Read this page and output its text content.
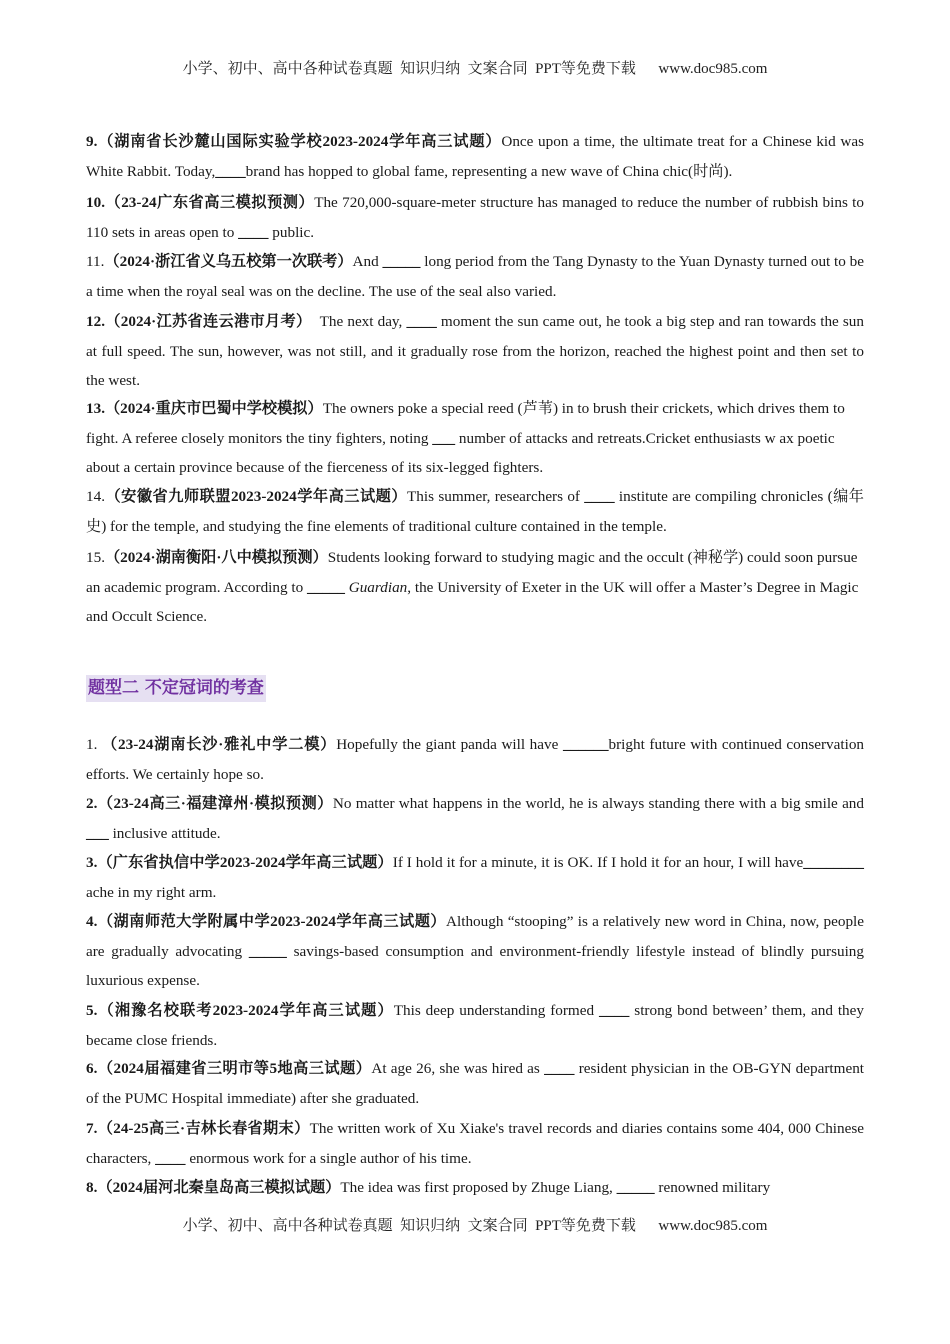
小学、初中、高中各种试卷真题  知识归纳  文案合同  PPT等免费下载      www.doc985.com
9.（湖南省长沙麓山国际实验学校2023-2024学年高三试题）Once upon a time, the ultimate treat for a Chinese kid was White Rabbit. Today,____brand has hopped to global fame, representing a new wave of China chic(时尚).
10.（23-24广东省高三模拟预测）The 720,000-square-meter structure has managed to reduce the number of rubbish bins to 110 sets in areas open to ____ public.
11.（2024·浙江省义乌五校第一次联考）And _____ long period from the Tang Dynasty to the Yuan Dynasty turned out to be a time when the royal seal was on the decline. The use of the seal also varied.
12.（2024·江苏省连云港市月考）  The next day, ____ moment the sun came out, he took a big step and ran towards the sun at full speed. The sun, however, was not still, and it gradually rose from the horizon, reached the highest point and then set to the west.
13.（2024·重庆市巴蜀中学校模拟）The owners poke a special reed (芦苇) in to brush their crickets, which drives them to fight. A referee closely monitors the tiny fighters, noting ___ number of attacks and retreats.Cricket enthusiasts w ax poetic about a certain province because of the fierceness of its six-legged fighters.
14.（安徽省九师联盟2023-2024学年高三试题）This summer, researchers of ____ institute are compiling chronicles (编年史) for the temple, and studying the fine elements of traditional culture contained in the temple.
15.（2024·湖南衡阳·八中模拟预测）Students looking forward to studying magic and the occult (神秘学) could soon pursue an academic program. According to _____ Guardian, the University of Exeter in the UK will offer a Master’s Degree in Magic and Occult Science.
题型二 不定冠词的考查
1. （23-24湖南长沙·雅礼中学二模）Hopefully the giant panda will have ______bright future with continued conservation efforts. We certainly hope so.
2.（23-24高三·福建漳州·模拟预测）No matter what happens in the world, he is always standing there with a big smile and ___ inclusive attitude.
3.（广东省执信中学2023-2024学年高三试题）If I hold it for a minute, it is OK. If I hold it for an hour, I will have________ ache in my right arm.
4.（湖南师范大学附属中学2023-2024学年高三试题）Although “stooping” is a relatively new word in China, now, people are gradually advocating _____ savings-based consumption and environment-friendly lifestyle instead of blindly pursuing luxurious expense.
5.（湘豫名校联考2023-2024学年高三试题）This deep understanding formed ____ strong bond between’ them, and they became close friends.
6.（2024届福建省三明市等5地高三试题）At age 26, she was hired as ____ resident physician in the OB-GYN department of the PUMC Hospital immediate) after she graduated.
7.（24-25高三·吉林长春省期末）The written work of Xu Xiake's travel records and diaries contains some 404, 000 Chinese characters, ____ enormous work for a single author of his time.
8.（2024届河北秦皇岛高三模拟试题）The idea was first proposed by Zhuge Liang, _____ renowned military
小学、初中、高中各种试卷真题  知识归纳  文案合同  PPT等免费下载      www.doc985.com
